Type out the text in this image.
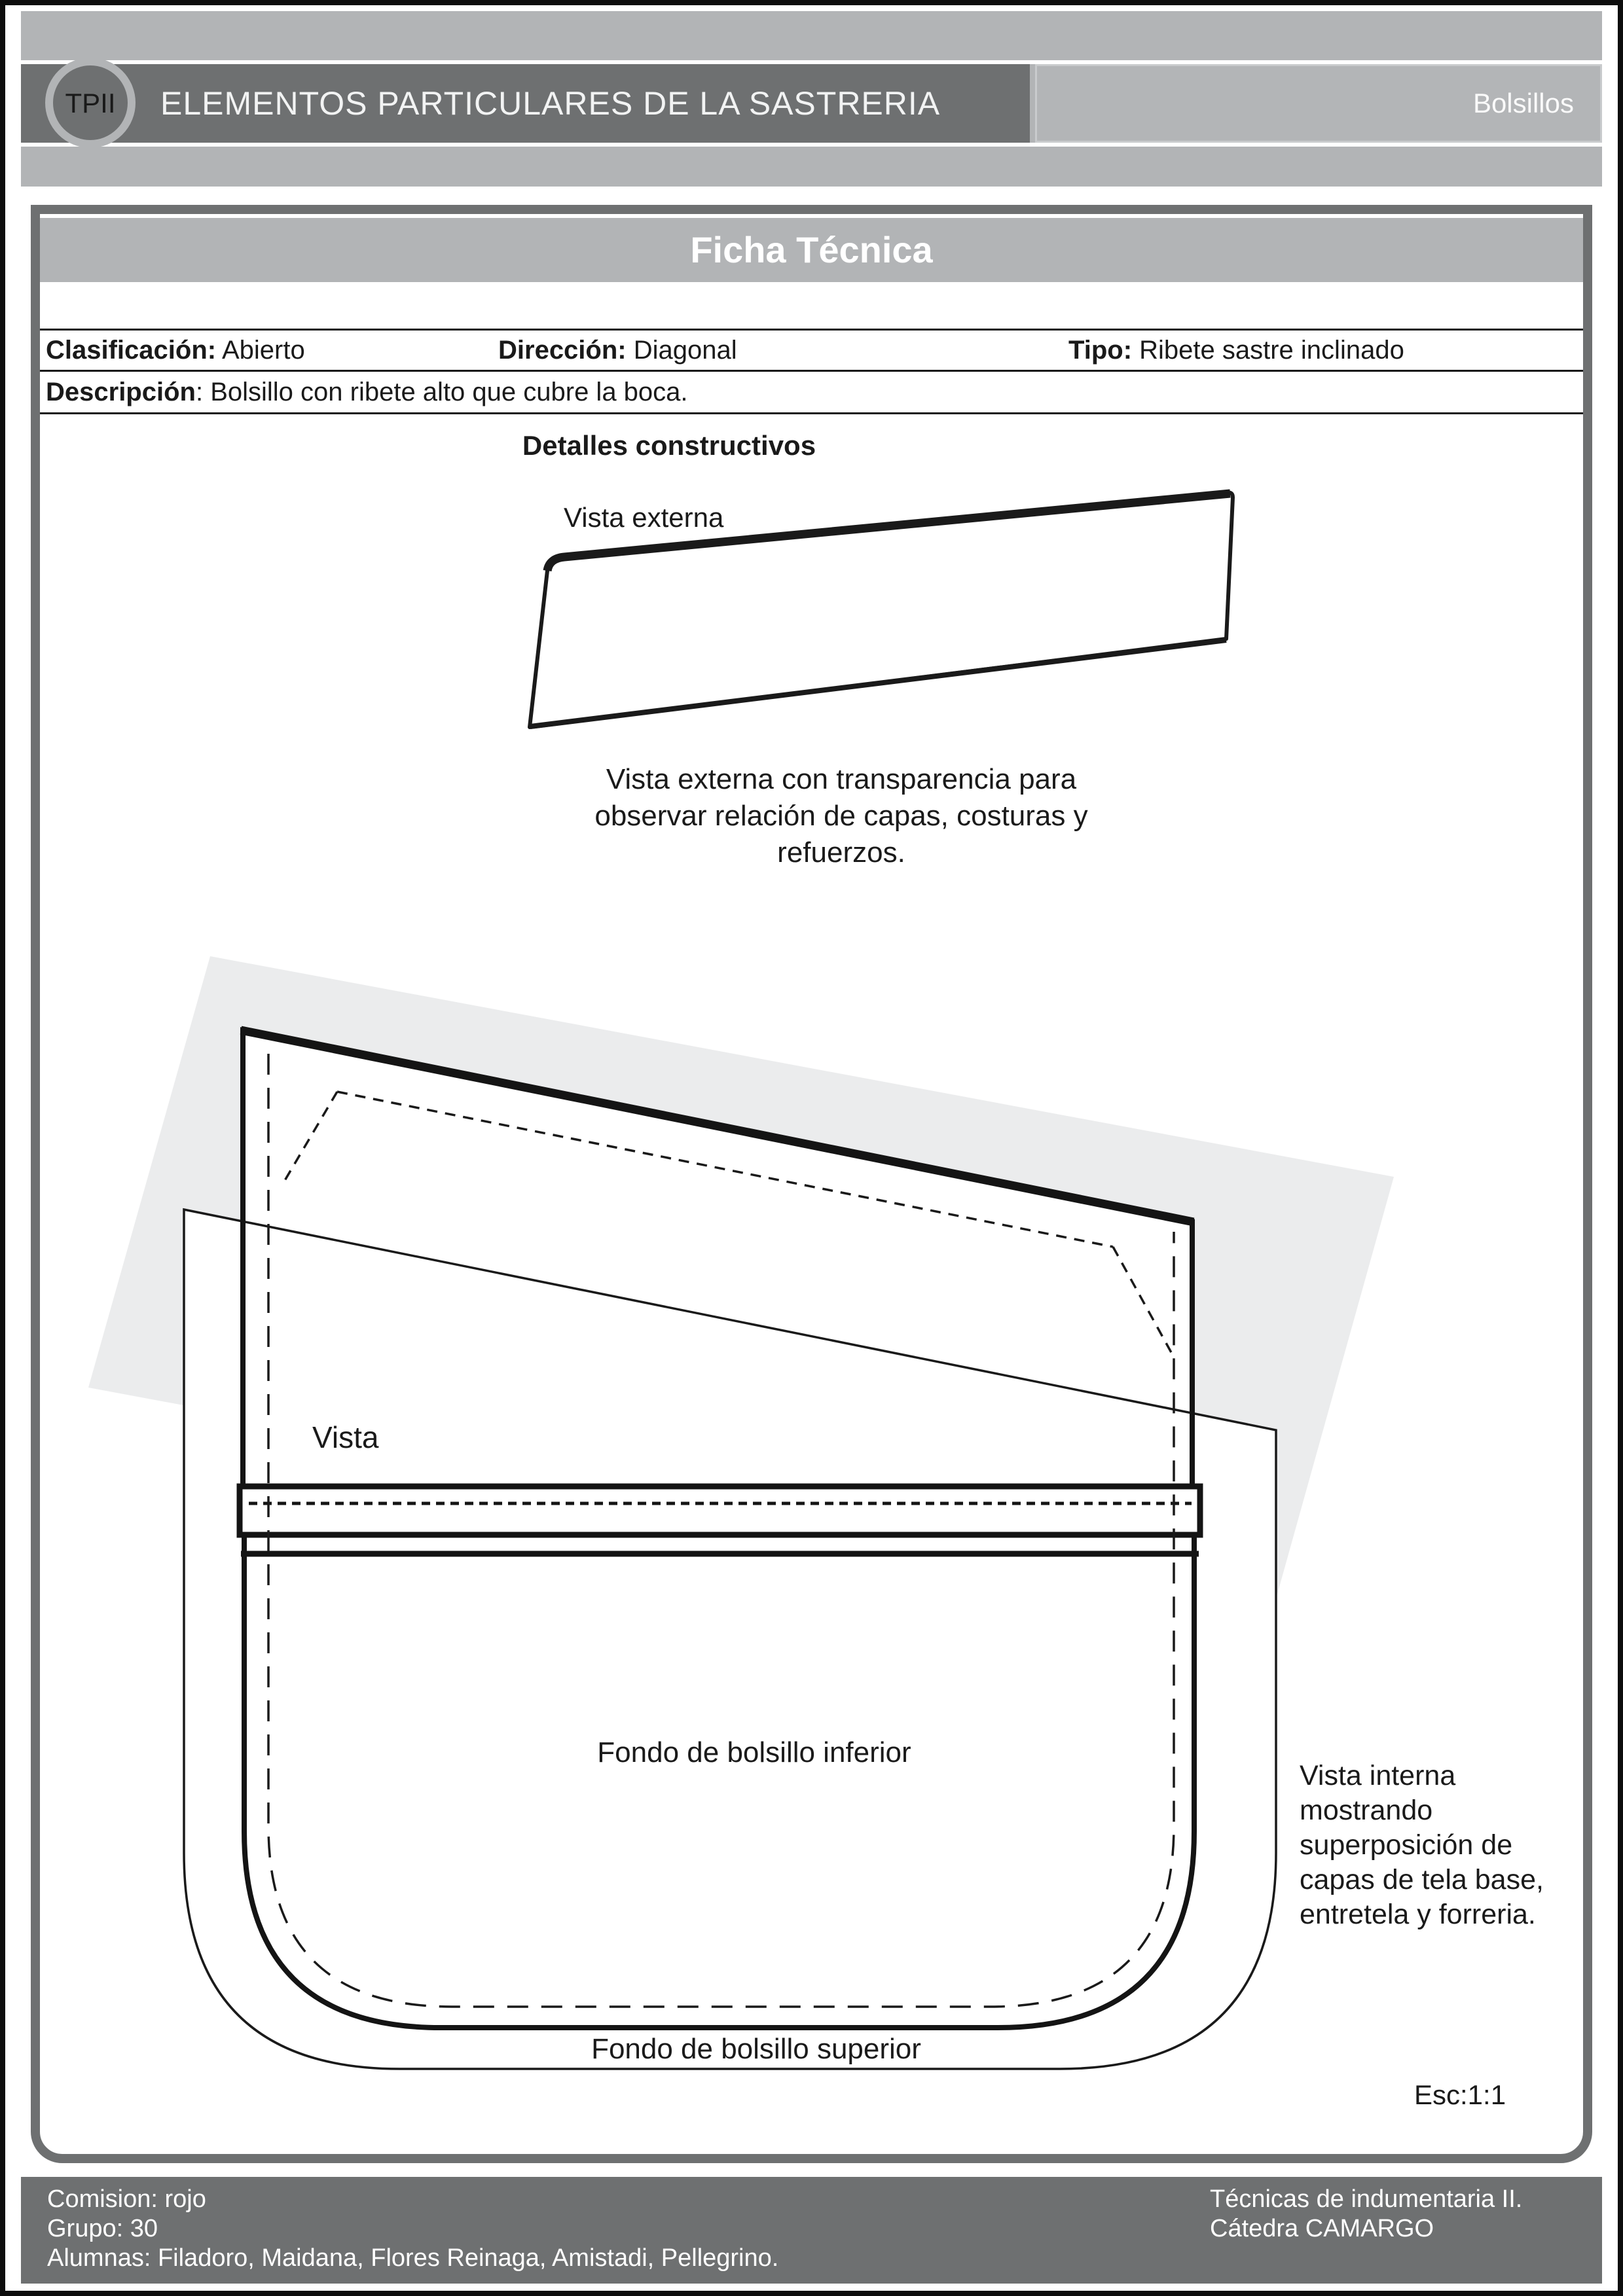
TPII ELEMENTOS PARTICULARES DE LA SASTRERIA	Bolsillos
Ficha Técnica
Clasificación: Abierto	Dirección: Diagonal	Tipo: Ribete sastre inclinado
Descripción: Bolsillo con ribete alto que cubre la boca.
Detalles constructivos
Vista externa
Vista externa con transparencia para
observar relación de capas, costuras y
refuerzos.
Vista
Fondo de bolsillo inferior
Fondo de bolsillo superior
Vista interna
mostrando
superposición de
capas de tela base,
entretela y forreria.
Esc:1:1
Comision: rojo
Grupo: 30
Alumnas: Filadoro, Maidana, Flores Reinaga, Amistadi, Pellegrino.
Técnicas de indumentaria II.
Cátedra CAMARGO
